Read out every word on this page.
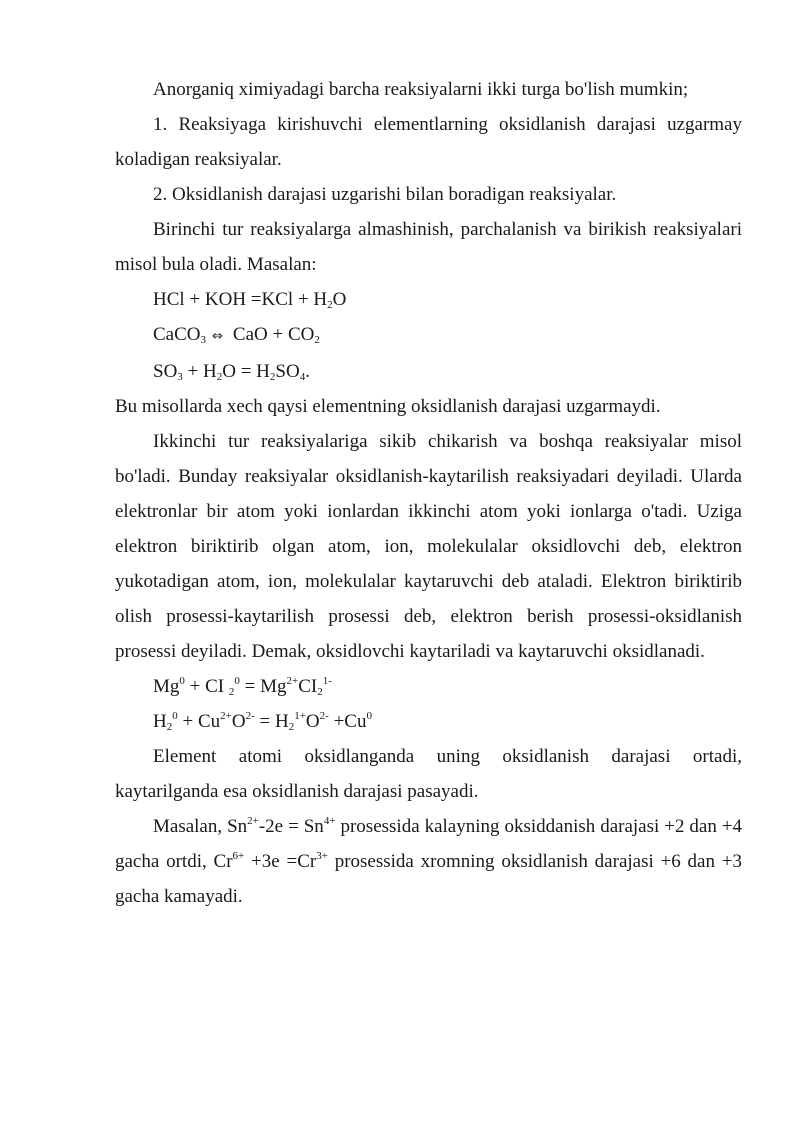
Anorganiq ximiyadagi barcha reaksiyalarni ikki turga bo'lish mumkin;

1. Reaksiyaga kirishuvchi elementlarning oksidlanish darajasi uzgarmay koladigan reaksiyalar.

2. Oksidlanish darajasi uzgarishi bilan boradigan reaksiyalar.

Birinchi tur reaksiyalarga almashinish, parchalanish va birikish reaksiyalari misol bula oladi. Masalan:

HCl + KOH $=KCl + H_2O$

CaCO$_3$ ⇔ CaO + $CO_2$

$SO_3 + H_2O = H_2SO_4$.

Bu misollarda xech qaysi elementning oksidlanish darajasi uzgarmaydi.

Ikkinchi tur reaksiyalariga sikib chikarish va boshqa reaksiyalar misol bo'ladi. Bunday reaksiyalar oksidlanish-kaytarilish reaksiyadari deyiladi. Ularda elektronlar bir atom yoki ionlardan ikkinchi atom yoki ionlarga o'tadi. Uziga elektron biriktirib olgan atom, ion, molekulalar oksidlovchi deb, elektron yukotadigan atom, ion, molekulalar kaytaruvchi deb ataladi. Elektron biriktirib olish prosessi-kaytarilish prosessi deb, elektron berish prosessi-oksidlanish prosessi deyiladi. Demak, oksidlovchi kaytariladi va kaytaruvchi oksidlanadi.

$Mg^0$ + CI $_2^0 = Mg^{2+}CI_2^{1-}$

$H_2^0 + Cu^{2+}O^{2-} = H_2^{1+}O^{2-} +Cu^0$

Element atomi oksidlanganda uning oksidlanish darajasi ortadi, kaytarilganda esa oksidlanish darajasi pasayadi.

Masalan, $Sn^{2+}-2e = Sn^{4+}$ prosessida kalayning oksiddanish darajasi +2 dan +4 gacha ortdi, $Cr^{6+} +3e =Cr^{3+}$ prosessida xromning oksidlanish darajasi +6 dan +3 gacha kamayadi.
